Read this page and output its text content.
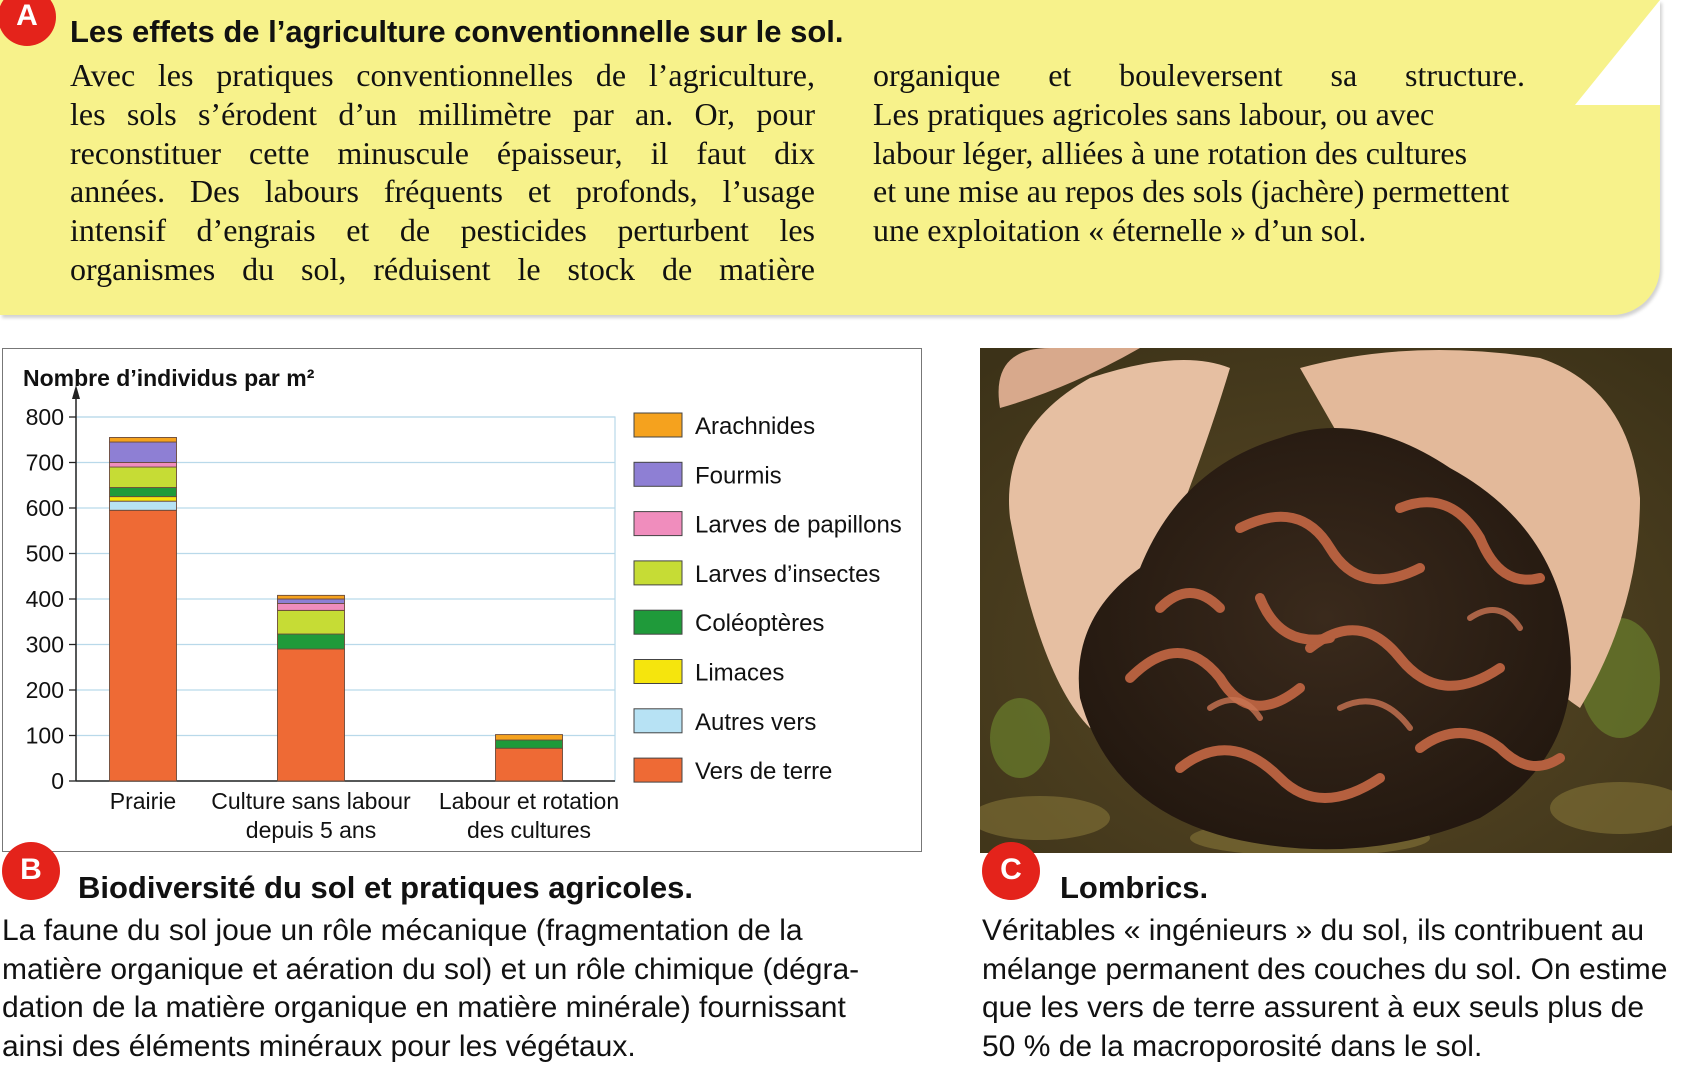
A	Les effets de l’agriculture conventionnelle sur le sol.
Avec les pratiques conventionnelles de l’agriculture,
les sols s’érodent d’un millimètre par an. Or, pour
reconstituer cette minuscule épaisseur, il faut dix
années. Des labours fréquents et profonds, l’usage
intensif d’engrais et de pesticides perturbent les
organismes du sol, réduisent le stock de matière
organique et bouleversent sa structure.
Les pratiques agricoles sans labour, ou avec
labour léger, alliées à une rotation des cultures
et une mise au repos des sols (jachère) permettent
une exploitation « éternelle » d’un sol.
0
100
200
300
400
500
600
700
800
Nombre d’individus par m²
Prairie Culture sans labour
depuis 5 ans
Labour et rotation
des cultures
Arachnides
Fourmis
Larves de papillons
Larves d’insectes
Coléoptères
Limaces
Autres vers
Vers de terre
B
Biodiversité du sol et pratiques agricoles.
La faune du sol joue un rôle mécanique (fragmentation de la
matière organique et aération du sol) et un rôle chimique (dégra-
dation de la matière organique en matière minérale) fournissant
ainsi des éléments minéraux pour les végétaux.
C
Lombrics.
Véritables « ingénieurs » du sol, ils contribuent au
mélange permanent des couches du sol. On estime
que les vers de terre assurent à eux seuls plus de
50 % de la macroporosité dans le sol.
